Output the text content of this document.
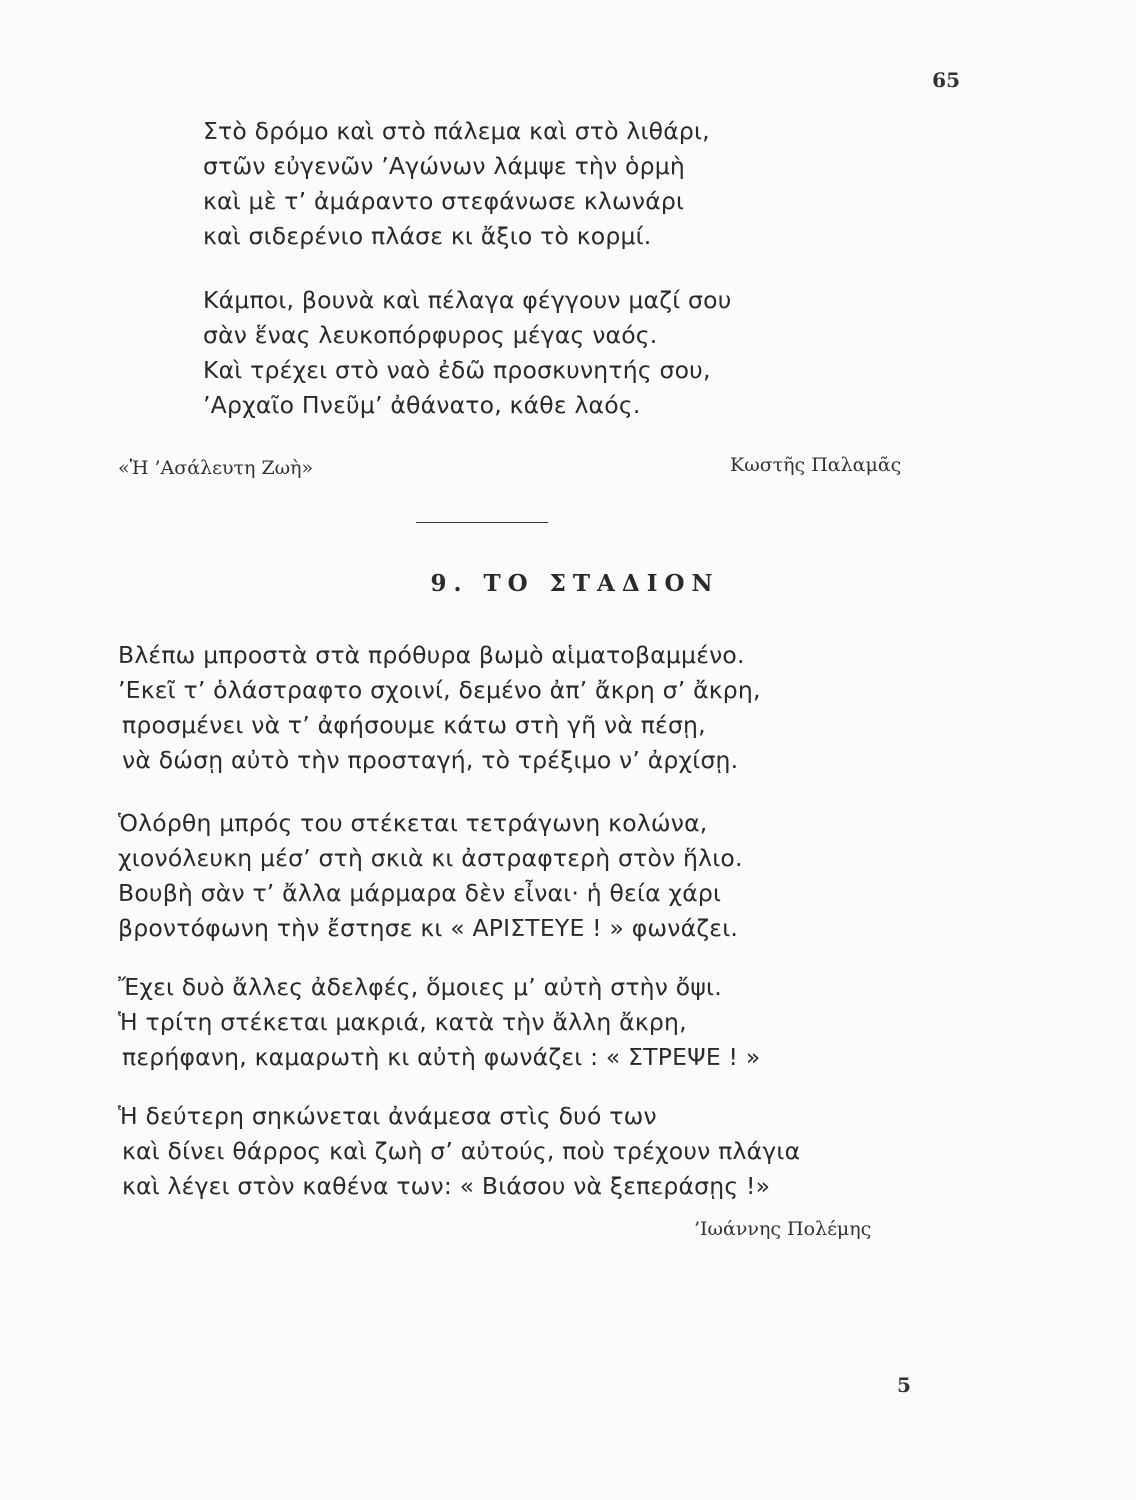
65
Στὸ δρόμο καὶ στὸ πάλεμα καὶ στὸ λιθάρι,
στῶν εὐγενῶν ’Αγώνων λάμψε τὴν ὁρμὴ
καὶ μὲ τ’ ἀμάραντο στεφάνωσε κλωνάρι
καὶ σιδερένιο πλάσε κι ἄξιο τὸ κορμί.
Κάμποι, βουνὰ καὶ πέλαγα φέγγουν μαζί σου
σὰν ἕνας λευκοπόρφυρος μέγας ναός.
Καὶ τρέχει στὸ ναὸ ἐδῶ προσκυνητής σου,
’Αρχαῖο Πνεῦμ’ ἀθάνατο, κάθε λαός.
«Ἡ ’Ασάλευτη Ζωὴ»	Κωστῆς Παλαμᾶς
9. ΤΟ ΣΤΑΔΙΟΝ
Βλέπω μπροστὰ στὰ πρόθυρα βωμὸ αἱματοβαμμένο.
’Εκεῖ τ’ ὁλάστραφτο σχοινί, δεμένο ἀπ’ ἄκρη σ’ ἄκρη,
προσμένει νὰ τ’ ἀφήσουμε κάτω στὴ γῆ νὰ πέσῃ,
νὰ δώσῃ αὐτὸ τὴν προσταγή, τὸ τρέξιμο ν’ ἀρχίσῃ.
Ὁλόρθη μπρός του στέκεται τετράγωνη κολώνα,
χιονόλευκη μέσ’ στὴ σκιὰ κι ἀστραφτερὴ στὸν ἥλιο.
Βουβὴ σὰν τ’ ἄλλα μάρμαρα δὲν εἶναι· ἡ θεία χάρι
βροντόφωνη τὴν ἔστησε κι « ΑΡΙΣΤΕΥΕ ! » φωνάζει.
Ἔχει δυὸ ἄλλες ἀδελφές, ὅμοιες μ’ αὐτὴ στὴν ὄψι.
Ἡ τρίτη στέκεται μακριά, κατὰ τὴν ἄλλη ἄκρη,
περήφανη, καμαρωτὴ κι αὐτὴ φωνάζει : « ΣΤΡΕΨΕ ! »
Ἡ δεύτερη σηκώνεται ἀνάμεσα στὶς δυό των
καὶ δίνει θάρρος καὶ ζωὴ σ’ αὐτούς, ποὺ τρέχουν πλάγια
καὶ λέγει στὸν καθένα των: « Βιάσου νὰ ξεπεράσῃς !»
’Ιωάννης Πολέμης
5
